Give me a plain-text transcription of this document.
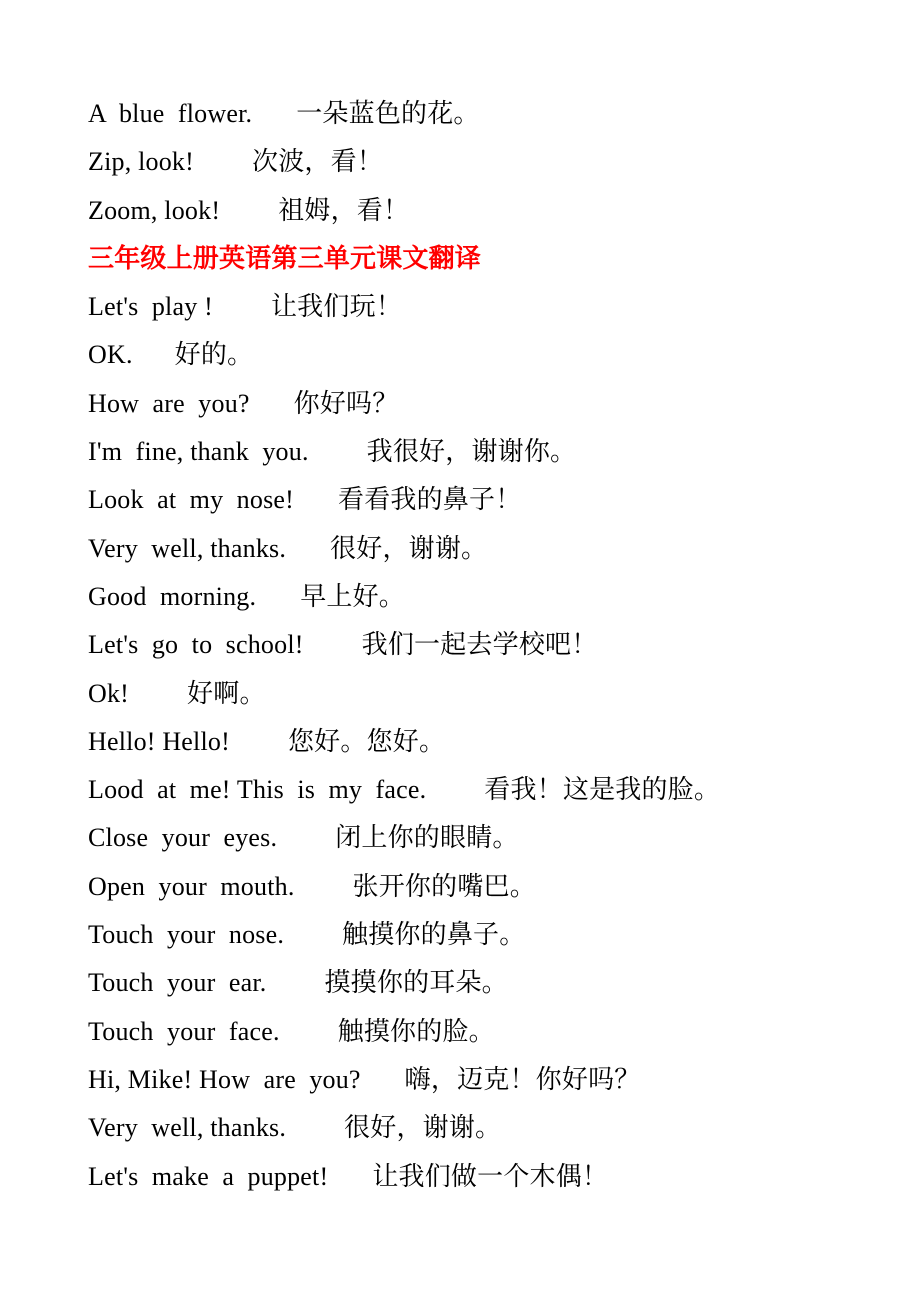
A  blue  flower. 一朵蓝色的花。
Zip, look! 次波，看！
Zoom, look! 祖姆，看！
三年级上册英语第三单元课文翻译
Let's  play ! 让我们玩！
OK. 好的。
How  are  you? 你好吗？
I'm  fine, thank  you. 我很好，谢谢你。
Look  at  my  nose! 看看我的鼻子！
Very  well, thanks. 很好，谢谢。
Good  morning. 早上好。
Let's  go  to  school! 我们一起去学校吧！
Ok! 好啊。
Hello! Hello! 您好。您好。
Lood  at  me! This  is  my  face. 看我！这是我的脸。
Close  your  eyes. 闭上你的眼睛。
Open  your  mouth. 张开你的嘴巴。
Touch  your  nose. 触摸你的鼻子。
Touch  your  ear. 摸摸你的耳朵。
Touch  your  face. 触摸你的脸。
Hi, Mike! How  are  you? 嗨，迈克！你好吗？
Very  well, thanks. 很好，谢谢。
Let's  make  a  puppet! 让我们做一个木偶！
